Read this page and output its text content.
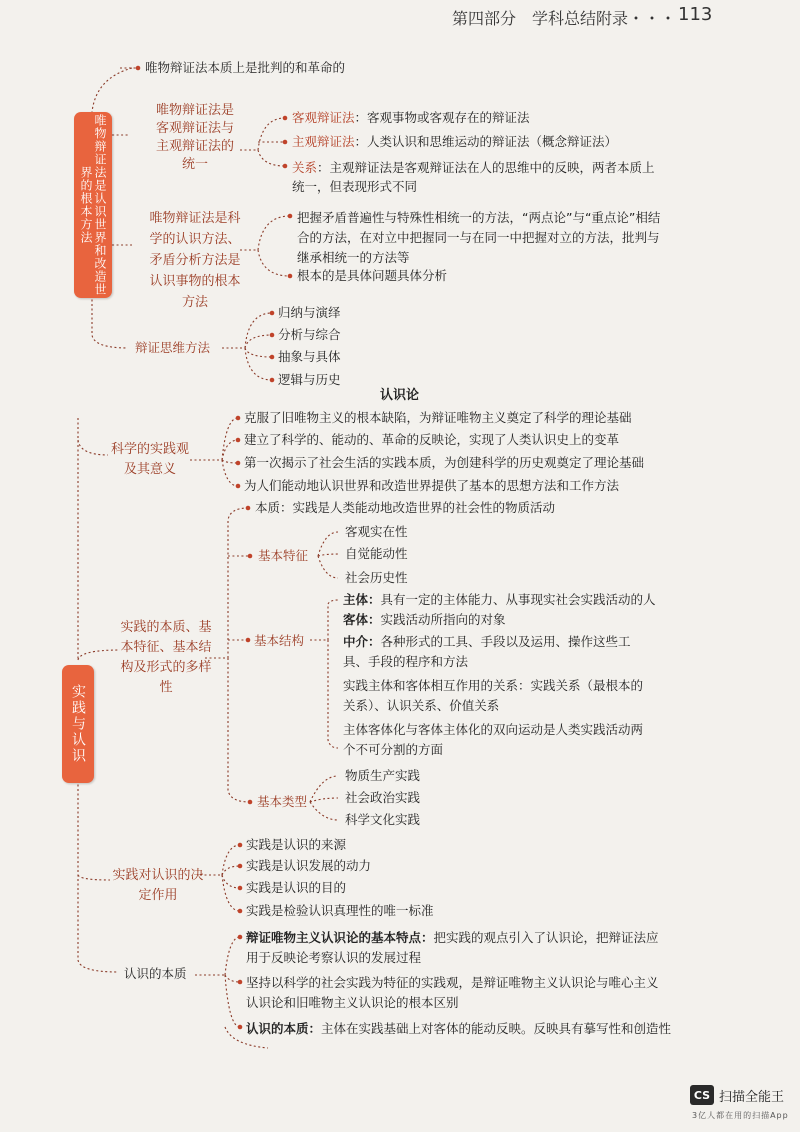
第四部分　学科总结附录・・・ 113
唯物辩证法是认识世界和改造世界的根本方法
唯物辩证法本质上是批判的和革命的
唯物辩证法是客观辩证法与主观辩证法的统一
客观辩证法：客观事物或客观存在的辩证法
主观辩证法：人类认识和思维运动的辩证法（概念辩证法）
关系：主观辩证法是客观辩证法在人的思维中的反映，两者本质上统一，但表现形式不同
唯物辩证法是科学的认识方法、矛盾分析方法是认识事物的根本方法
把握矛盾普遍性与特殊性相统一的方法，“两点论”与“重点论”相结合的方法，在对立中把握同一与在同一中把握对立的方法，批判与继承相统一的方法等
根本的是具体问题具体分析
辩证思维方法
归纳与演绎
分析与综合
抽象与具体
逻辑与历史
认识论
实践与认识
科学的实践观及其意义
克服了旧唯物主义的根本缺陷，为辩证唯物主义奠定了科学的理论基础
建立了科学的、能动的、革命的反映论，实现了人类认识史上的变革
第一次揭示了社会生活的实践本质，为创建科学的历史观奠定了理论基础
为人们能动地认识世界和改造世界提供了基本的思想方法和工作方法
实践的本质、基本特征、基本结构及形式的多样性
本质：实践是人类能动地改造世界的社会性的物质活动
基本特征
客观实在性
自觉能动性
社会历史性
基本结构
主体：具有一定的主体能力、从事现实社会实践活动的人
客体：实践活动所指向的对象
中介：各种形式的工具、手段以及运用、操作这些工具、手段的程序和方法
实践主体和客体相互作用的关系：实践关系（最根本的关系）、认识关系、价值关系
主体客体化与客体主体化的双向运动是人类实践活动两个不可分割的方面
基本类型
物质生产实践
社会政治实践
科学文化实践
实践对认识的决定作用
实践是认识的来源
实践是认识发展的动力
实践是认识的目的
实践是检验认识真理性的唯一标准
认识的本质
辩证唯物主义认识论的基本特点：把实践的观点引入了认识论，把辩证法应用于反映论考察认识的发展过程
坚持以科学的社会实践为特征的实践观，是辩证唯物主义认识论与唯心主义认识论和旧唯物主义认识论的根本区别
认识的本质：主体在实践基础上对客体的能动反映。反映具有摹写性和创造性
CS 扫描全能王
3亿人都在用的扫描App
